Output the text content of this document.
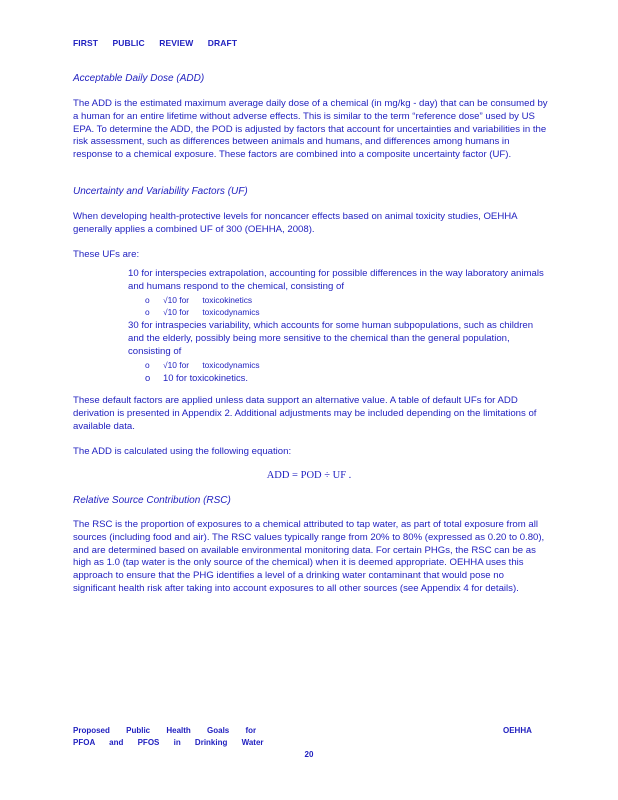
FIRST PUBLIC REVIEW DRAFT
Acceptable Daily Dose (ADD)

The ADD is the estimated maximum average daily dose of a chemical (in mg/kg - day) that can be consumed by a human for an entire lifetime without adverse effects. This is similar to the term “reference dose” used by US EPA. To determine the ADD, the POD is adjusted by factors that account for uncertainties and variabilities in the risk assessment, such as differences between animals and humans, and differences among humans in response to a chemical exposure. These factors are combined into a composite uncertainty factor (UF).

Uncertainty and Variability Factors (UF)

When developing health-protective levels for noncancer effects based on animal toxicity studies, OEHHA generally applies a combined UF of 300 (OEHHA, 2008).

These UFs are:

10 for interspecies extrapolation, accounting for possible differences in the way laboratory animals and humans respond to the chemical, consisting of
o √10 for toxicokinetics
o √10 for toxicodynamics
30 for intraspecies variability, which accounts for some human subpopulations, such as children and the elderly, possibly being more sensitive to the chemical than the general population, consisting of
o √10 for toxicodynamics
o 10 for toxicokinetics.

These default factors are applied unless data support an alternative value. A table of default UFs for ADD derivation is presented in Appendix 2. Additional adjustments may be included depending on the limitations of available data.

The ADD is calculated using the following equation:

ADD = POD ÷ UF .
Relative Source Contribution (RSC)

The RSC is the proportion of exposures to a chemical attributed to tap water, as part of total exposure from all sources (including food and air). The RSC values typically range from 20% to 80% (expressed as 0.20 to 0.80), and are determined based on available environmental monitoring data. For certain PHGs, the RSC can be as high as 1.0 (tap water is the only source of the chemical) when it is deemed appropriate. OEHHA uses this approach to ensure that the PHG identifies a level of a drinking water contaminant that would pose no significant health risk after taking into account exposures to all other sources (see Appendix 4 for details).

Proposed Public Health Goals for
PFOA and PFOS in Drinking Water
OEHHA
20
